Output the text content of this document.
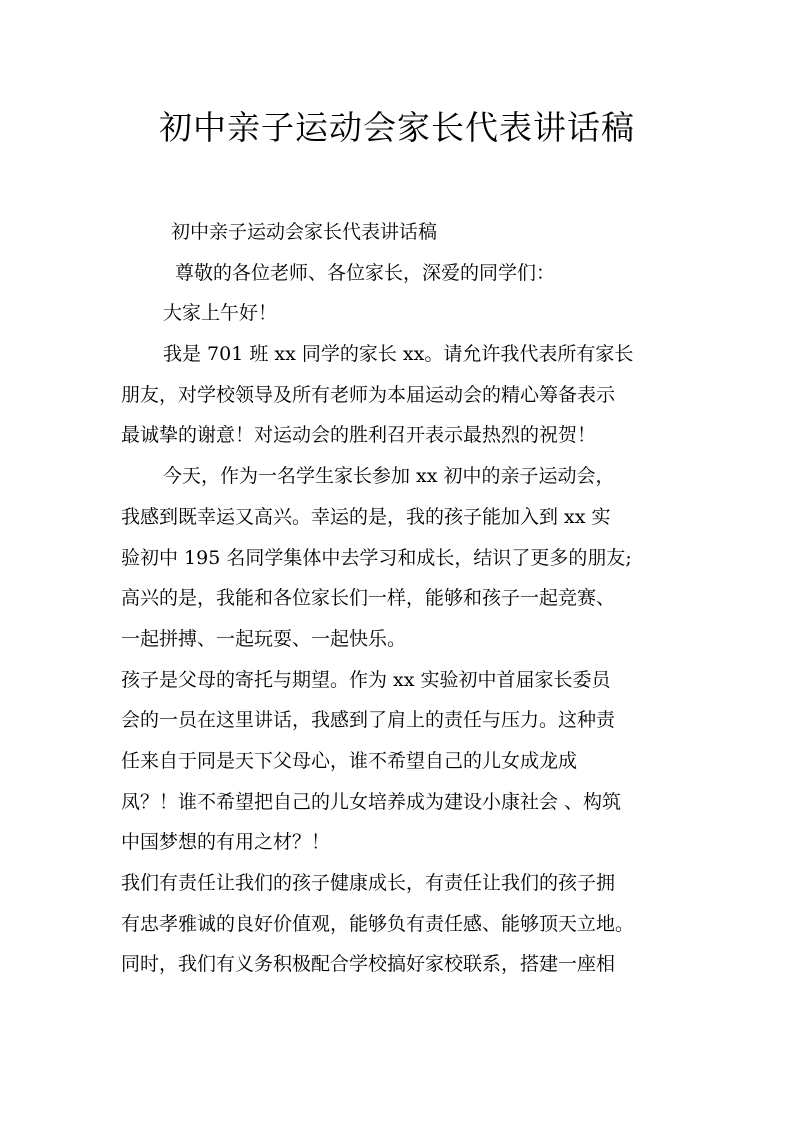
初中亲子运动会家长代表讲话稿
初中亲子运动会家长代表讲话稿
尊敬的各位老师、各位家长，深爱的同学们：
大家上午好！
我是 701 班 xx 同学的家长 xx。请允许我代表所有家长
朋友，对学校领导及所有老师为本届运动会的精心筹备表示
最诚挚的谢意！对运动会的胜利召开表示最热烈的祝贺！
今天，作为一名学生家长参加 xx 初中的亲子运动会，
我感到既幸运又高兴。幸运的是，我的孩子能加入到 xx 实
验初中 195 名同学集体中去学习和成长，结识了更多的朋友;
高兴的是，我能和各位家长们一样，能够和孩子一起竞赛、
一起拼搏、一起玩耍、一起快乐。
孩子是父母的寄托与期望。作为 xx 实验初中首届家长委员
会的一员在这里讲话，我感到了肩上的责任与压力。这种责
任来自于同是天下父母心，谁不希望自己的儿女成龙成
凤？！谁不希望把自己的儿女培养成为建设小康社会 、构筑
中国梦想的有用之材？！
我们有责任让我们的孩子健康成长，有责任让我们的孩子拥
有忠孝雅诚的良好价值观，能够负有责任感、能够顶天立地。
同时，我们有义务积极配合学校搞好家校联系，搭建一座相
